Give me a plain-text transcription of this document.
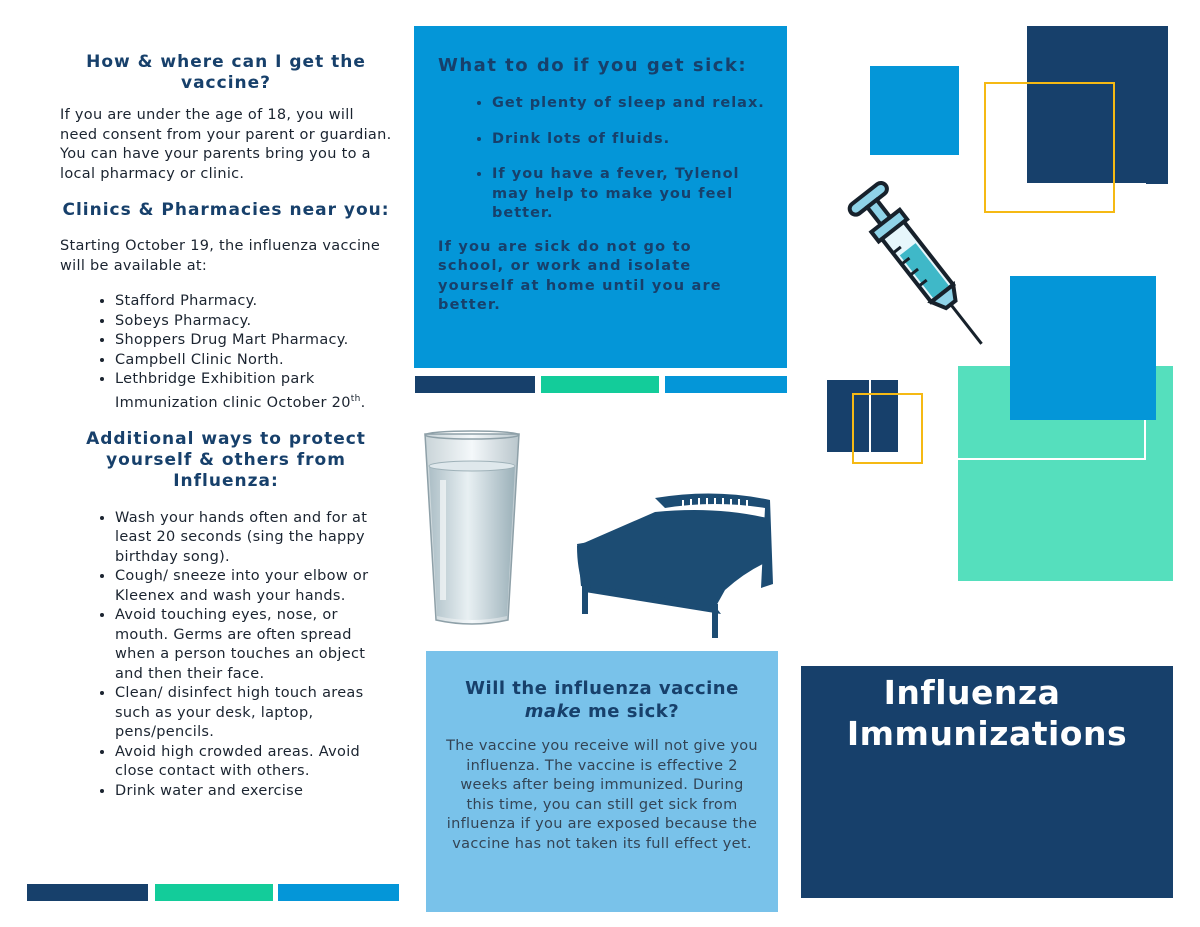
How & where can I get the vaccine?

If you are under the age of 18, you will need consent from your parent or guardian. You can have your parents bring you to a local pharmacy or clinic.

Clinics & Pharmacies near you:

Starting October 19, the influenza vaccine will be available at:

• Stafford Pharmacy.
• Sobeys Pharmacy.
• Shoppers Drug Mart Pharmacy.
• Campbell Clinic North.
• Lethbridge Exhibition park Immunization clinic October 20th.
Additional ways to protect yourself & others from Influenza:
• Wash your hands often and for at least 20 seconds (sing the happy birthday song).
• Cough/ sneeze into your elbow or Kleenex and wash your hands.
• Avoid touching eyes, nose, or mouth. Germs are often spread when a person touches an object and then their face.
• Clean/ disinfect high touch areas such as your desk, laptop, pens/pencils.
• Avoid high crowded areas. Avoid close contact with others.
• Drink water and exercise
What to do if you get sick:
• Get plenty of sleep and relax.
• Drink lots of fluids.
• If you have a fever, Tylenol may help to make you feel better.

If you are sick do not go to school, or work and isolate yourself at home until you are better.

Will the influenza vaccine make me sick?

The vaccine you receive will not give you influenza. The vaccine is effective 2 weeks after being immunized. During this time, you can still get sick from influenza if you are exposed because the vaccine has not taken its full effect yet.

Influenza
Immunizations
